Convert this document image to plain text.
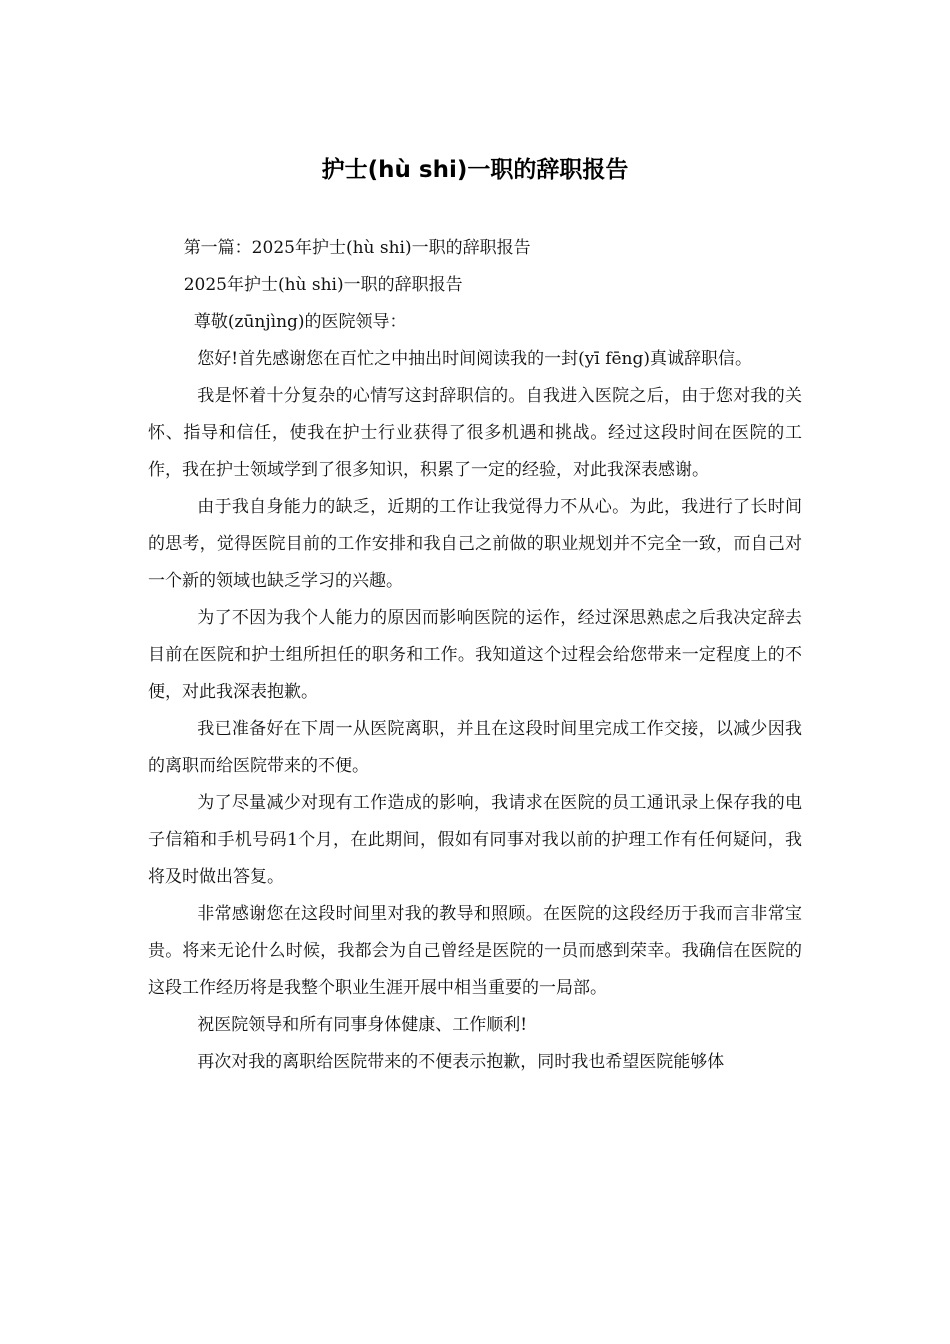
护士(hù shi)一职的辞职报告

第一篇：2025年护士(hù shi)一职的辞职报告

2025年护士(hù shi)一职的辞职报告

尊敬(zūnjìng)的医院领导：

您好!首先感谢您在百忙之中抽出时间阅读我的一封(yī fēng)真诚辞职信。

我是怀着十分复杂的心情写这封辞职信的。自我进入医院之后，由于您对我的关怀、指导和信任，使我在护士行业获得了很多机遇和挑战。经过这段时间在医院的工作，我在护士领域学到了很多知识，积累了一定的经验，对此我深表感谢。

由于我自身能力的缺乏，近期的工作让我觉得力不从心。为此，我进行了长时间的思考，觉得医院目前的工作安排和我自己之前做的职业规划并不完全一致，而自己对一个新的领域也缺乏学习的兴趣。

为了不因为我个人能力的原因而影响医院的运作，经过深思熟虑之后我决定辞去目前在医院和护士组所担任的职务和工作。我知道这个过程会给您带来一定程度上的不便，对此我深表抱歉。

我已准备好在下周一从医院离职，并且在这段时间里完成工作交接，以减少因我的离职而给医院带来的不便。

为了尽量减少对现有工作造成的影响，我请求在医院的员工通讯录上保存我的电子信箱和手机号码1个月，在此期间，假如有同事对我以前的护理工作有任何疑问，我将及时做出答复。

非常感谢您在这段时间里对我的教导和照顾。在医院的这段经历于我而言非常宝贵。将来无论什么时候，我都会为自己曾经是医院的一员而感到荣幸。我确信在医院的这段工作经历将是我整个职业生涯开展中相当重要的一局部。

祝医院领导和所有同事身体健康、工作顺利!

再次对我的离职给医院带来的不便表示抱歉，同时我也希望医院能够体
